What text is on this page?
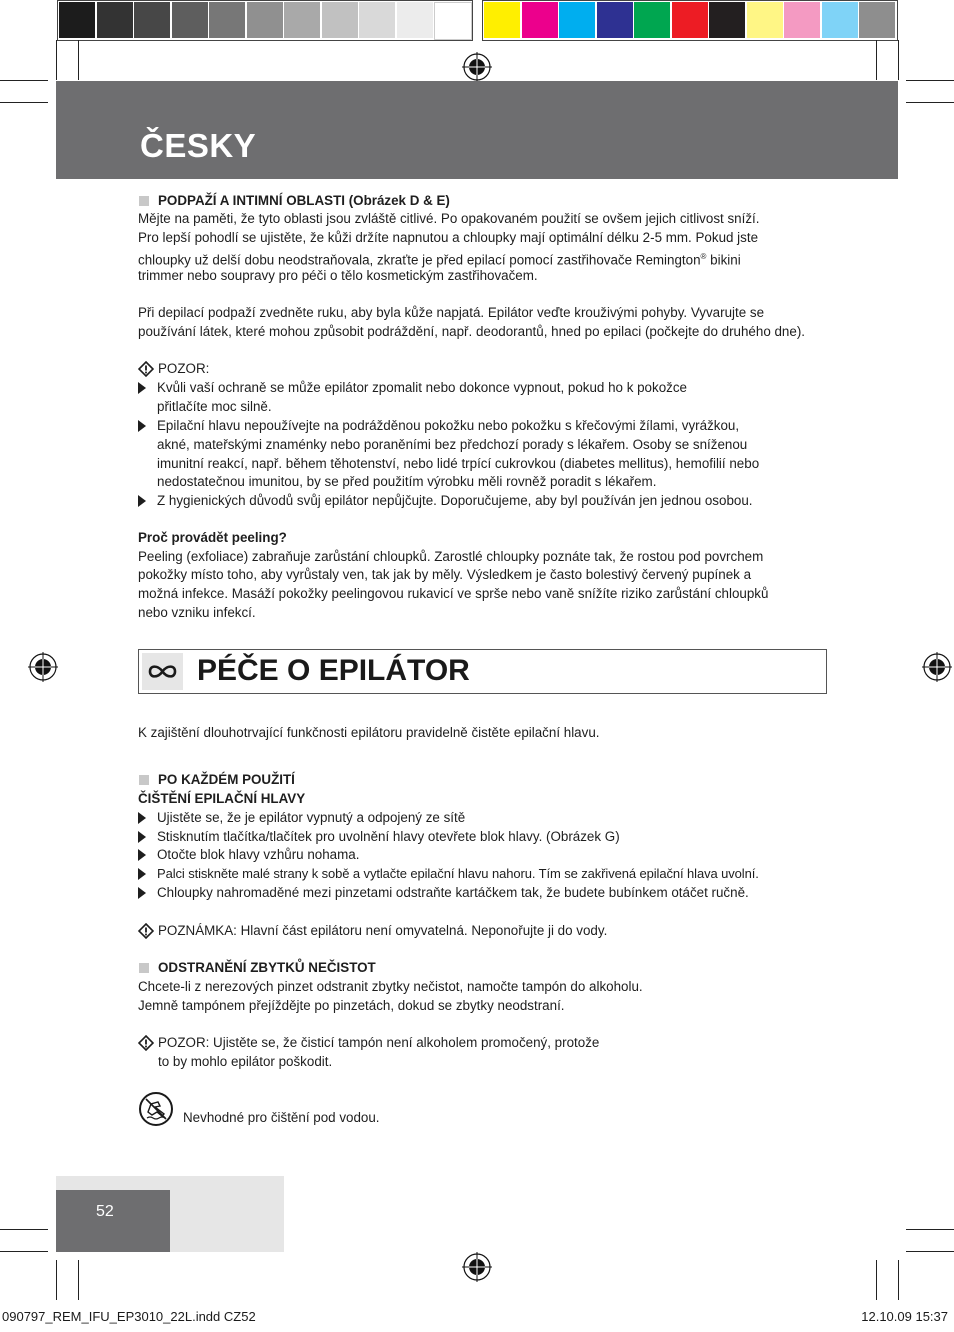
ČESKY
PODPAŽÍ A INTIMNÍ OBLASTI (Obrázek D & E)
Mějte na paměti, že tyto oblasti jsou zvláště citlivé. Po opakovaném použití se ovšem jejich citlivost sníží.
Pro lepší pohodlí se ujistěte, že kůži držíte napnutou a chloupky mají optimální délku 2-5 mm. Pokud jste
chloupky už delší dobu neodstraňovala, zkraťte je před epilací pomocí zastřihovače Remington® bikini
trimmer nebo soupravy pro péči o tělo kosmetickým zastřihovačem.
Při depilací podpaží zvedněte ruku, aby byla kůže napjatá. Epilátor veďte krouživými pohyby. Vyvarujte se
používání látek, které mohou způsobit podráždění, např. deodorantů, hned po epilaci (počkejte do druhého dne).
POZOR:
Kvůli vaší ochraně se může epilátor zpomalit nebo dokonce vypnout, pokud ho k pokožce
přitlačíte moc silně.
Epilační hlavu nepoužívejte na podrážděnou pokožku nebo pokožku s křečovými žílami, vyrážkou,
akné, mateřskými znaménky nebo poraněními bez předchozí porady s lékařem. Osoby se sníženou
imunitní reakcí, např. během těhotenství, nebo lidé trpící cukrovkou (diabetes mellitus), hemofilií nebo
nedostatečnou imunitou, by se před použitím výrobku měli rovněž poradit s lékařem.
Z hygienických důvodů svůj epilátor nepůjčujte. Doporučujeme, aby byl používán jen jednou osobou.
Proč provádět peeling?
Peeling (exfoliace) zabraňuje zarůstání chloupků. Zarostlé chloupky poznáte tak, že rostou pod povrchem
pokožky místo toho, aby vyrůstaly ven, tak jak by měly. Výsledkem je často bolestivý červený pupínek a
možná infekce. Masáží pokožky peelingovou rukavicí ve sprše nebo vaně snížíte riziko zarůstání chloupků
nebo vzniku infekcí.
PÉČE O EPILÁTOR
K zajištění dlouhotrvající funkčnosti epilátoru pravidelně čistěte epilační hlavu.
PO KAŽDÉM POUŽITÍ
ČIŠTĚNÍ EPILAČNÍ HLAVY
Ujistěte se, že je epilátor vypnutý a odpojený ze sítě
Stisknutím tlačítka/tlačítek pro uvolnění hlavy otevřete blok hlavy. (Obrázek G)
Otočte blok hlavy vzhůru nohama.
Palci stiskněte malé strany k sobě a vytlačte epilační hlavu nahoru. Tím se zakřivená epilační hlava uvolní.
Chloupky nahromaděné mezi pinzetami odstraňte kartáčkem tak, že budete bubínkem otáčet ručně.
POZNÁMKA: Hlavní část epilátoru není omyvatelná. Neponořujte ji do vody.
ODSTRANĚNÍ ZBYTKŮ NEČISTOT
Chcete-li z nerezových pinzet odstranit zbytky nečistot, namočte tampón do alkoholu.
Jemně tampónem přejíždějte po pinzetách, dokud se zbytky neodstraní.
POZOR: Ujistěte se, že čisticí tampón není alkoholem promočený, protože
to by mohlo epilátor poškodit.
Nevhodné pro čištění pod vodou.
52
090797_REM_IFU_EP3010_22L.indd CZ52	12.10.09 15:37
